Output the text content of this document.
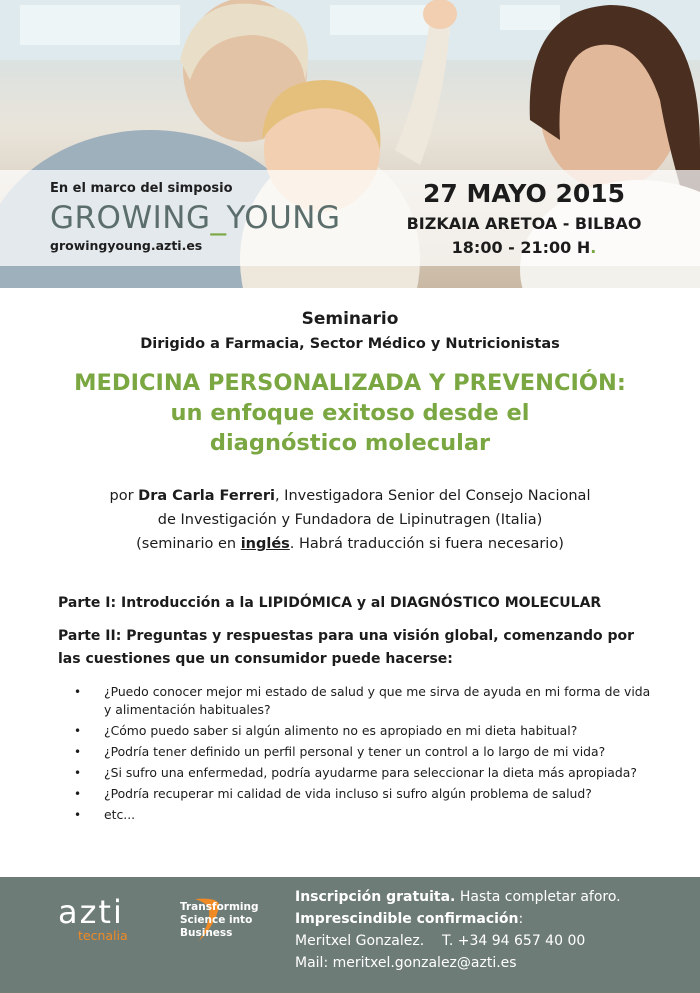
En el marco del simposio
GROWING_YOUNG
growingyoung.azti.es
27 MAYO 2015
BIZKAIA ARETOA - BILBAO
18:00 - 21:00 H.
Seminario
Dirigido a Farmacia, Sector Médico y Nutricionistas
MEDICINA PERSONALIZADA Y PREVENCIÓN:
un enfoque exitoso desde el
diagnóstico molecular
por Dra Carla Ferreri, Investigadora Senior del Consejo Nacional
de Investigación y Fundadora de Lipinutragen (Italia)
(seminario en inglés. Habrá traducción si fuera necesario)
Parte I: Introducción a la LIPIDÓMICA y al DIAGNÓSTICO MOLECULAR
Parte II: Preguntas y respuestas para una visión global, comenzando por las cuestiones que un consumidor puede hacerse:
• ¿Puedo conocer mejor mi estado de salud y que me sirva de ayuda en mi forma de vida y alimentación habituales?
• ¿Cómo puedo saber si algún alimento no es apropiado en mi dieta habitual?
• ¿Podría tener definido un perfil personal y tener un control a lo largo de mi vida?
• ¿Si sufro una enfermedad, podría ayudarme para seleccionar la dieta más apropiada?
• ¿Podría recuperar mi calidad de vida incluso si sufro algún problema de salud?
• etc...
azti
tecnalia
Transforming
Science into
Business
Inscripción gratuita. Hasta completar aforo.
Imprescindible confirmación:
Meritxel Gonzalez.    T. +34 94 657 40 00
Mail: meritxel.gonzalez@azti.es
